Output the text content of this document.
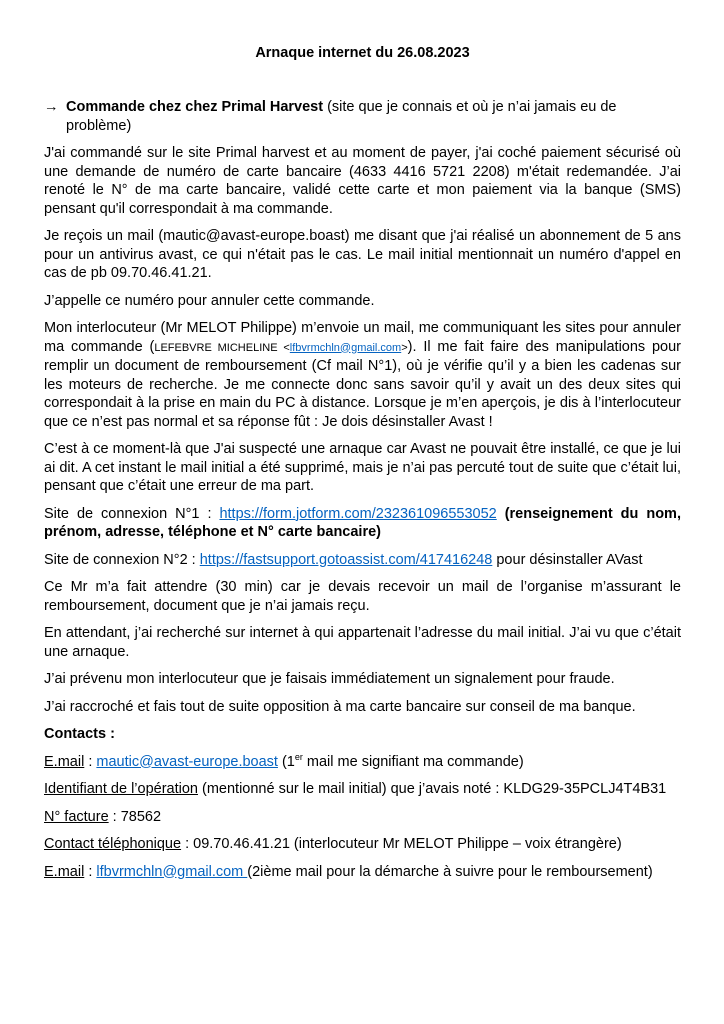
Arnaque internet du 26.08.2023
→ Commande chez chez Primal Harvest (site que je connais et où je n’ai jamais eu de problème)

J'ai commandé sur le site Primal harvest et au moment de payer, j'ai coché paiement sécurisé où une demande de numéro de carte bancaire (4633 4416 5721 2208) m'était redemandée. J’ai renoté le N° de ma carte bancaire, validé cette carte et mon paiement via la banque (SMS) pensant qu'il correspondait à ma commande.

Je reçois un mail (mautic@avast-europe.boast) me disant que j'ai réalisé un abonnement de 5 ans pour un antivirus avast, ce qui n'était pas le cas. Le mail initial mentionnait un numéro d'appel en cas de pb 09.70.46.41.21.

J’appelle ce numéro pour annuler cette commande.

Mon interlocuteur (Mr MELOT Philippe) m’envoie un mail, me communiquant les sites pour annuler ma commande (LEFEBVRE MICHELINE <lfbvrmchln@gmail.com>). Il me fait faire des manipulations pour remplir un document de remboursement (Cf mail N°1), où je vérifie qu’il y a bien les cadenas sur les moteurs de recherche. Je me connecte donc sans savoir qu’il y avait un des deux sites qui correspondait à la prise en main du PC à distance. Lorsque je m’en aperçois, je dis à l’interlocuteur que ce n’est pas normal et sa réponse fût : Je dois désinstaller Avast !

C’est à ce moment-là que J'ai suspecté une arnaque car Avast ne pouvait être installé, ce que je lui ai dit. A cet instant le mail initial a été supprimé, mais je n’ai pas percuté tout de suite que c’était lui, pensant que c’était une erreur de ma part.

Site de connexion N°1 : https://form.jotform.com/232361096553052 (renseignement du nom, prénom, adresse, téléphone et N° carte bancaire)

Site de connexion N°2 : https://fastsupport.gotoassist.com/417416248 pour désinstaller AVast

Ce Mr m’a fait attendre (30 min) car je devais recevoir un mail de l’organise m’assurant le remboursement, document que je n’ai jamais reçu.

En attendant, j’ai recherché sur internet à qui appartenait l’adresse du mail initial. J’ai vu que c’était une arnaque.

J’ai prévenu mon interlocuteur que je faisais immédiatement un signalement pour fraude.

J’ai raccroché et fais tout de suite opposition à ma carte bancaire sur conseil de ma banque.

Contacts :

E.mail : mautic@avast-europe.boast (1er mail me signifiant ma commande)

Identifiant de l’opération (mentionné sur le mail initial) que j’avais noté : KLDG29-35PCLJ4T4B31

N° facture : 78562

Contact téléphonique : 09.70.46.41.21 (interlocuteur Mr MELOT Philippe – voix étrangère)

E.mail : lfbvrmchln@gmail.com (2ième mail pour la démarche à suivre pour le remboursement)
